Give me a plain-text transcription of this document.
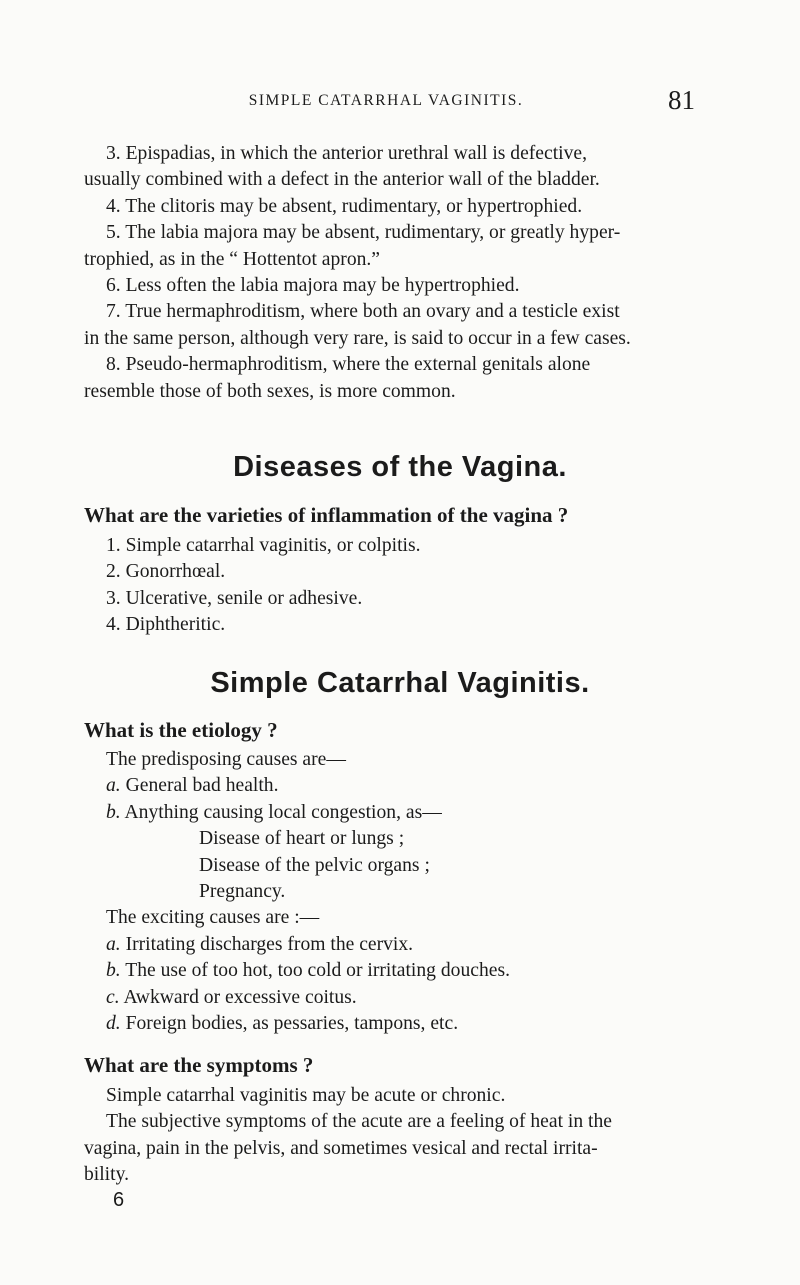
SIMPLE CATARRHAL VAGINITIS.	81
3. Epispadias, in which the anterior urethral wall is defective,
usually combined with a defect in the anterior wall of the bladder.
4. The clitoris may be absent, rudimentary, or hypertrophied.
5. The labia majora may be absent, rudimentary, or greatly hyper-
trophied, as in the “ Hottentot apron.”
6. Less often the labia majora may be hypertrophied.
7. True hermaphroditism, where both an ovary and a testicle exist
in the same person, although very rare, is said to occur in a few cases.
8. Pseudo-hermaphroditism, where the external genitals alone
resemble those of both sexes, is more common.
Diseases of the Vagina.
What are the varieties of inflammation of the vagina ?
1. Simple catarrhal vaginitis, or colpitis.
2. Gonorrhœal.
3. Ulcerative, senile or adhesive.
4. Diphtheritic.
Simple Catarrhal Vaginitis.
What is the etiology ?
The predisposing causes are—
a. General bad health.
b. Anything causing local congestion, as—
Disease of heart or lungs ;
Disease of the pelvic organs ;
Pregnancy.
The exciting causes are :—
a. Irritating discharges from the cervix.
b. The use of too hot, too cold or irritating douches.
c. Awkward or excessive coitus.
d. Foreign bodies, as pessaries, tampons, etc.
What are the symptoms ?
Simple catarrhal vaginitis may be acute or chronic.
The subjective symptoms of the acute are a feeling of heat in the
vagina, pain in the pelvis, and sometimes vesical and rectal irrita-
bility.
6
